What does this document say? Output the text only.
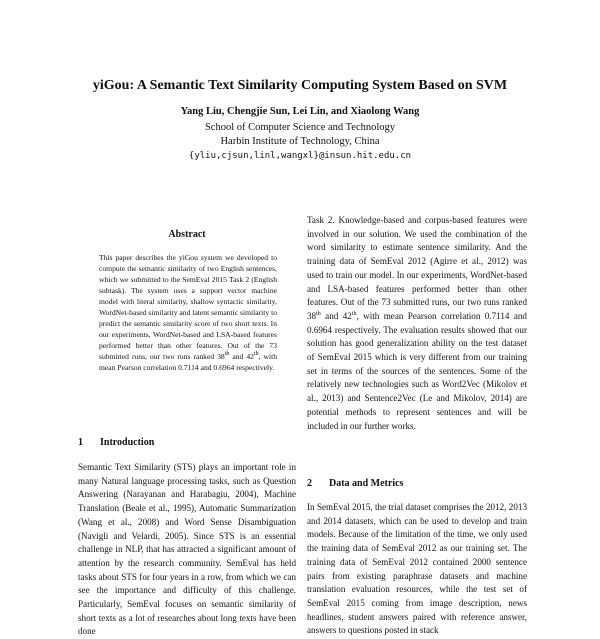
yiGou: A Semantic Text Similarity Computing System Based on SVM
Yang Liu, Chengjie Sun, Lei Lin, and Xiaolong Wang
School of Computer Science and Technology
Harbin Institute of Technology, China
{yliu,cjsun,linl,wangxl}@insun.hit.edu.cn
Abstract
This paper describes the yiGou system we developed to compute the semantic similarity of two English sentences, which we submitted to the SemEval 2015 Task 2 (English subtask). The system uses a support vector machine model with literal similarity, shallow syntactic similarity, WordNet-based similarity and latent semantic similarity to predict the semantic similarity score of two short texts. In our experiments, WordNet-based and LSA-based features performed better than other features. Out of the 73 submitted runs, our two runs ranked 38th and 42th, with mean Pearson correlation 0.7114 and 0.6964 respectively.
1 Introduction
Semantic Text Similarity (STS) plays an important role in many Natural language processing tasks, such as Question Answering (Narayanan and Harabagiu, 2004), Machine Translation (Beale et al., 1995), Automatic Summarization (Wang et al., 2008) and Word Sense Disambiguation (Navigli and Velardi, 2005). Since STS is an essential challenge in NLP, that has attracted a significant amount of attention by the research community. SemEval has held tasks about STS for four years in a row, from which we can see the importance and difficulty of this challenge. Particularly, SemEval focuses on semantic similarity of short texts as a lot of researches about long texts have been done
Task 2. Knowledge-based and corpus-based features were involved in our solution. We used the combination of the word similarity to estimate sentence similarity. And the training data of SemEval 2012 (Agirre et al., 2012) was used to train our model. In our experiments, WordNet-based and LSA-based features performed better than other features. Out of the 73 submitted runs, our two runs ranked 38th and 42th, with mean Pearson correlation 0.7114 and 0.6964 respectively. The evaluation results showed that our solution has good generalization ability on the test dataset of SemEval 2015 which is very different from our training set in terms of the sources of the sentences. Some of the relatively new technologies such as Word2Vec (Mikolov et al., 2013) and Sentence2Vec (Le and Mikolov, 2014) are potential methods to represent sentences and will be included in our further works.
2 Data and Metrics
In SemEval 2015, the trial dataset comprises the 2012, 2013 and 2014 datasets, which can be used to develop and train models. Because of the limitation of the time, we only used the training data of SemEval 2012 as our training set. The training data of SemEval 2012 contained 2000 sentence pairs from existing paraphrase datasets and machine translation evaluation resources, while the test set of SemEval 2015 coming from image description, news headlines, student answers paired with reference answer, answers to questions posted in stack
